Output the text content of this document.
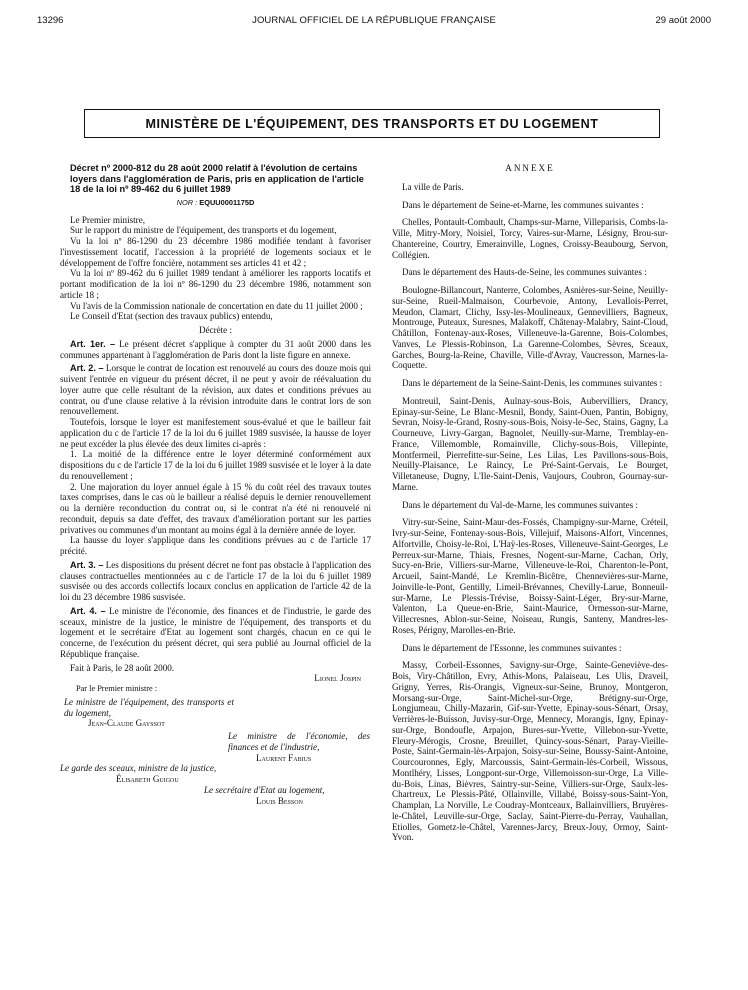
13296	JOURNAL OFFICIEL DE LA RÉPUBLIQUE FRANÇAISE	29 août 2000
MINISTÈRE DE L'ÉQUIPEMENT, DES TRANSPORTS ET DU LOGEMENT

Décret nº 2000-812 du 28 août 2000 relatif à l'évolution de certains loyers dans l'agglomération de Paris, pris en application de l'article 18 de la loi nº 89-462 du 6 juillet 1989

NOR : EQUU0001175D

Le Premier ministre,

Sur le rapport du ministre de l'équipement, des transports et du logement,

Vu la loi nº 86-1290 du 23 décembre 1986 modifiée tendant à favoriser l'investissement locatif, l'accession à la propriété de logements sociaux et le développement de l'offre foncière, notamment ses articles 41 et 42 ;

Vu la loi nº 89-462 du 6 juillet 1989 tendant à améliorer les rapports locatifs et portant modification de la loi nº 86-1290 du 23 décembre 1986, notamment son article 18 ;

Vu l'avis de la Commission nationale de concertation en date du 11 juillet 2000 ;

Le Conseil d'Etat (section des travaux publics) entendu,

Décrète :

Art. 1er. – Le présent décret s'applique à compter du 31 août 2000 dans les communes appartenant à l'agglomération de Paris dont la liste figure en annexe.

Art. 2. – Lorsque le contrat de location est renouvelé au cours des douze mois qui suivent l'entrée en vigueur du présent décret, il ne peut y avoir de réévaluation du loyer autre que celle résultant de la révision, aux dates et conditions prévues au contrat, ou d'une clause relative à la révision introduite dans le contrat lors de son renouvellement.

Toutefois, lorsque le loyer est manifestement sous-évalué et que le bailleur fait application du c de l'article 17 de la loi du 6 juillet 1989 susvisée, la hausse de loyer ne peut excéder la plus élevée des deux limites ci-après :

1. La moitié de la différence entre le loyer déterminé conformément aux dispositions du c de l'article 17 de la loi du 6 juillet 1989 susvisée et le loyer à la date du renouvellement ;

2. Une majoration du loyer annuel égale à 15 % du coût réel des travaux toutes taxes comprises, dans le cas où le bailleur a réalisé depuis le dernier renouvellement ou la dernière reconduction du contrat ou, si le contrat n'a été ni renouvelé ni reconduit, depuis sa date d'effet, des travaux d'amélioration portant sur les parties privatives ou communes d'un montant au moins égal à la dernière année de loyer.

La hausse du loyer s'applique dans les conditions prévues au c de l'article 17 précité.

Art. 3. – Les dispositions du présent décret ne font pas obstacle à l'application des clauses contractuelles mentionnées au c de l'article 17 de la loi du 6 juillet 1989 susvisée ou des accords collectifs locaux conclus en application de l'article 42 de la loi du 23 décembre 1986 susvisée.

Art. 4. – Le ministre de l'économie, des finances et de l'industrie, le garde des sceaux, ministre de la justice, le ministre de l'équipement, des transports et du logement et le secrétaire d'Etat au logement sont chargés, chacun en ce qui le concerne, de l'exécution du présent décret, qui sera publié au Journal officiel de la République française.

Fait à Paris, le 28 août 2000.

Lionel Jospin

Par le Premier ministre :

Le ministre de l'équipement, des transports et du logement,

Jean-Claude Gayssot

Le ministre de l'économie, des finances et de l'industrie,

Laurent Fabius

Le garde des sceaux, ministre de la justice,

Élisabeth Guigou

Le secrétaire d'Etat au logement,

Louis Besson

ANNEXE

La ville de Paris.

Dans le département de Seine-et-Marne, les communes suivantes :

Chelles, Pontault-Combault, Champs-sur-Marne, Villeparisis, Combs-la-Ville, Mitry-Mory, Noisiel, Torcy, Vaires-sur-Marne, Lésigny, Brou-sur-Chantereine, Courtry, Emerainville, Lognes, Croissy-Beaubourg, Servon, Collégien.

Dans le département des Hauts-de-Seine, les communes suivantes :

Boulogne-Billancourt, Nanterre, Colombes, Asnières-sur-Seine, Neuilly-sur-Seine, Rueil-Malmaison, Courbevoie, Antony, Levallois-Perret, Meudon, Clamart, Clichy, Issy-les-Moulineaux, Gennevilliers, Bagneux, Montrouge, Puteaux, Suresnes, Malakoff, Châtenay-Malabry, Saint-Cloud, Châtillon, Fontenay-aux-Roses, Villeneuve-la-Garenne, Bois-Colombes, Vanves, Le Plessis-Robinson, La Garenne-Colombes, Sèvres, Sceaux, Garches, Bourg-la-Reine, Chaville, Ville-d'Avray, Vaucresson, Marnes-la-Coquette.

Dans le département de la Seine-Saint-Denis, les communes suivantes :

Montreuil, Saint-Denis, Aulnay-sous-Bois, Aubervilliers, Drancy, Epinay-sur-Seine, Le Blanc-Mesnil, Bondy, Saint-Ouen, Pantin, Bobigny, Sevran, Noisy-le-Grand, Rosny-sous-Bois, Noisy-le-Sec, Stains, Gagny, La Courneuve, Livry-Gargan, Bagnolet, Neuilly-sur-Marne, Tremblay-en-France, Villemomble, Romainville, Clichy-sous-Bois, Villepinte, Montfermeil, Pierrefitte-sur-Seine, Les Lilas, Les Pavillons-sous-Bois, Neuilly-Plaisance, Le Raincy, Le Pré-Saint-Gervais, Le Bourget, Villetaneuse, Dugny, L'Ile-Saint-Denis, Vaujours, Coubron, Gournay-sur-Marne.

Dans le département du Val-de-Marne, les communes suivantes :

Vitry-sur-Seine, Saint-Maur-des-Fossés, Champigny-sur-Marne, Créteil, Ivry-sur-Seine, Fontenay-sous-Bois, Villejuif, Maisons-Alfort, Vincennes, Alfortville, Choisy-le-Roi, L'Haÿ-les-Roses, Villeneuve-Saint-Georges, Le Perreux-sur-Marne, Thiais, Fresnes, Nogent-sur-Marne, Cachan, Orly, Sucy-en-Brie, Villiers-sur-Marne, Villeneuve-le-Roi, Charenton-le-Pont, Arcueil, Saint-Mandé, Le Kremlin-Bicêtre, Chennevières-sur-Marne, Joinville-le-Pont, Gentilly, Limeil-Brévannes, Chevilly-Larue, Bonneuil-sur-Marne, Le Plessis-Trévise, Boissy-Saint-Léger, Bry-sur-Marne, Valenton, La Queue-en-Brie, Saint-Maurice, Ormesson-sur-Marne, Villecresnes, Ablon-sur-Seine, Noiseau, Rungis, Santeny, Mandres-les-Roses, Périgny, Marolles-en-Brie.

Dans le département de l'Essonne, les communes suivantes :

Massy, Corbeil-Essonnes, Savigny-sur-Orge, Sainte-Geneviève-des-Bois, Viry-Châtillon, Evry, Athis-Mons, Palaiseau, Les Ulis, Draveil, Grigny, Yerres, Ris-Orangis, Vigneux-sur-Seine, Brunoy, Montgeron, Morsang-sur-Orge, Saint-Michel-sur-Orge, Brétigny-sur-Orge, Longjumeau, Chilly-Mazarin, Gif-sur-Yvette, Epinay-sous-Sénart, Orsay, Verrières-le-Buisson, Juvisy-sur-Orge, Mennecy, Morangis, Igny, Epinay-sur-Orge, Bondoufle, Arpajon, Bures-sur-Yvette, Villebon-sur-Yvette, Fleury-Mérogis, Crosne, Breuillet, Quincy-sous-Sénart, Paray-Vieille-Poste, Saint-Germain-lès-Arpajon, Soisy-sur-Seine, Boussy-Saint-Antoine, Courcouronnes, Egly, Marcoussis, Saint-Germain-lès-Corbeil, Wissous, Montlhéry, Lisses, Longpont-sur-Orge, Villemoisson-sur-Orge, La Ville-du-Bois, Linas, Bièvres, Saintry-sur-Seine, Villiers-sur-Orge, Saulx-les-Chartreux, Le Plessis-Pâté, Ollainville, Villabé, Boissy-sous-Saint-Yon, Champlan, La Norville, Le Coudray-Montceaux, Ballainvilliers, Bruyères-le-Châtel, Leuville-sur-Orge, Saclay, Saint-Pierre-du-Perray, Vauhallan, Etiolles, Gometz-le-Châtel, Varennes-Jarcy, Breux-Jouy, Ormoy, Saint-Yvon.
